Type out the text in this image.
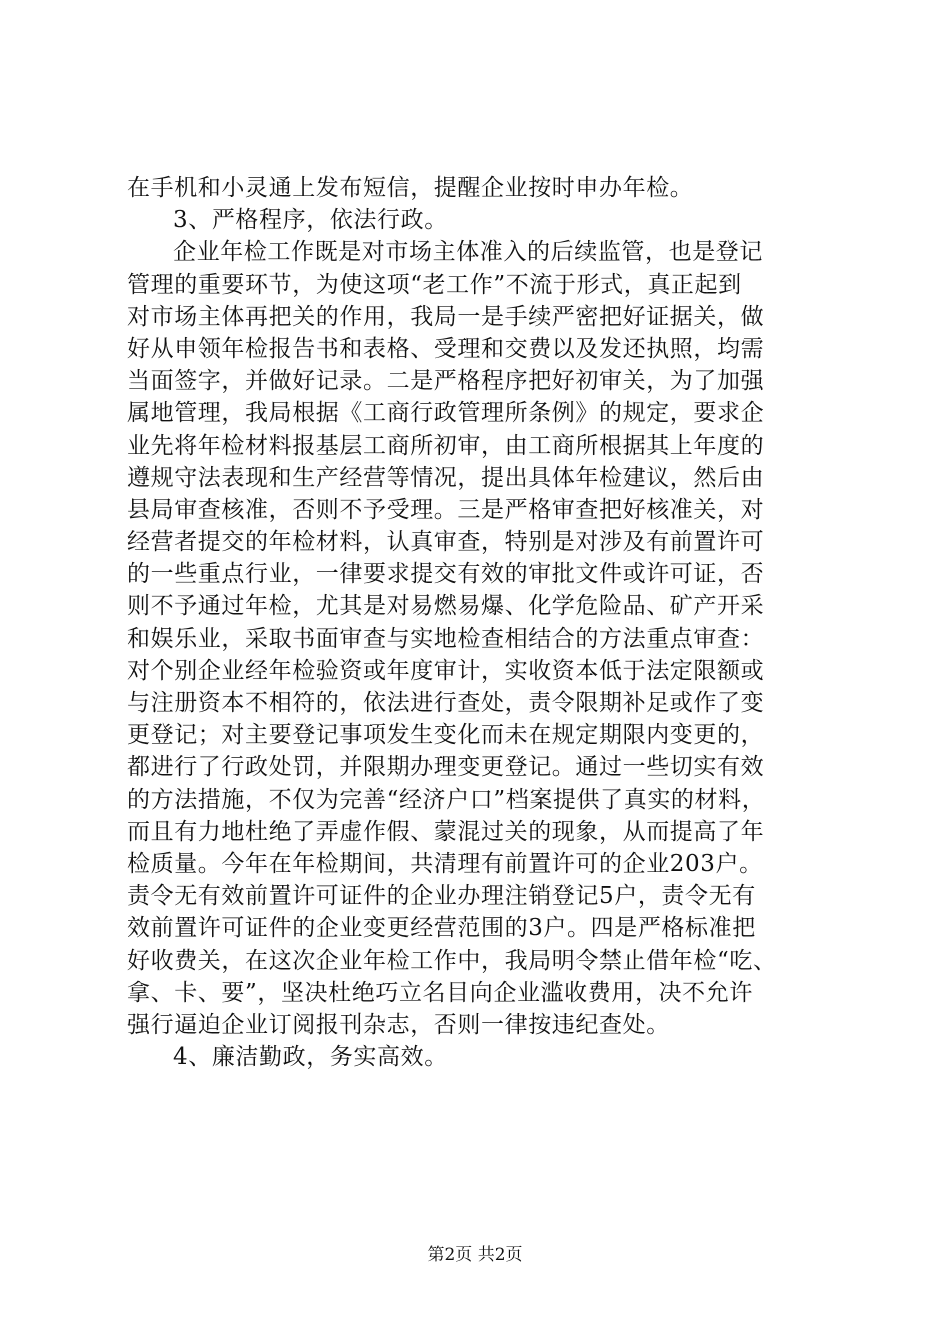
在手机和小灵通上发布短信，提醒企业按时申办年检。
3、严格程序，依法行政。
企业年检工作既是对市场主体准入的后续监管，也是登记
管理的重要环节，为使这项“老工作”不流于形式，真正起到
对市场主体再把关的作用，我局一是手续严密把好证据关，做
好从申领年检报告书和表格、受理和交费以及发还执照，均需
当面签字，并做好记录。二是严格程序把好初审关，为了加强
属地管理，我局根据《工商行政管理所条例》的规定，要求企
业先将年检材料报基层工商所初审，由工商所根据其上年度的
遵规守法表现和生产经营等情况，提出具体年检建议，然后由
县局审查核准，否则不予受理。三是严格审查把好核准关，对
经营者提交的年检材料，认真审查，特别是对涉及有前置许可
的一些重点行业，一律要求提交有效的审批文件或许可证，否
则不予通过年检，尤其是对易燃易爆、化学危险品、矿产开采
和娱乐业，采取书面审查与实地检查相结合的方法重点审查：
对个别企业经年检验资或年度审计，实收资本低于法定限额或
与注册资本不相符的，依法进行查处，责令限期补足或作了变
更登记；对主要登记事项发生变化而未在规定期限内变更的，
都进行了行政处罚，并限期办理变更登记。通过一些切实有效
的方法措施，不仅为完善“经济户口”档案提供了真实的材料，
而且有力地杜绝了弄虚作假、蒙混过关的现象，从而提高了年
检质量。今年在年检期间，共清理有前置许可的企业203户。
责令无有效前置许可证件的企业办理注销登记5户，责令无有
效前置许可证件的企业变更经营范围的3户。四是严格标准把
好收费关，在这次企业年检工作中，我局明令禁止借年检“吃、
拿、卡、要”，坚决杜绝巧立名目向企业滥收费用，决不允许
强行逼迫企业订阅报刊杂志，否则一律按违纪查处。
4、廉洁勤政，务实高效。
第2页 共2页
